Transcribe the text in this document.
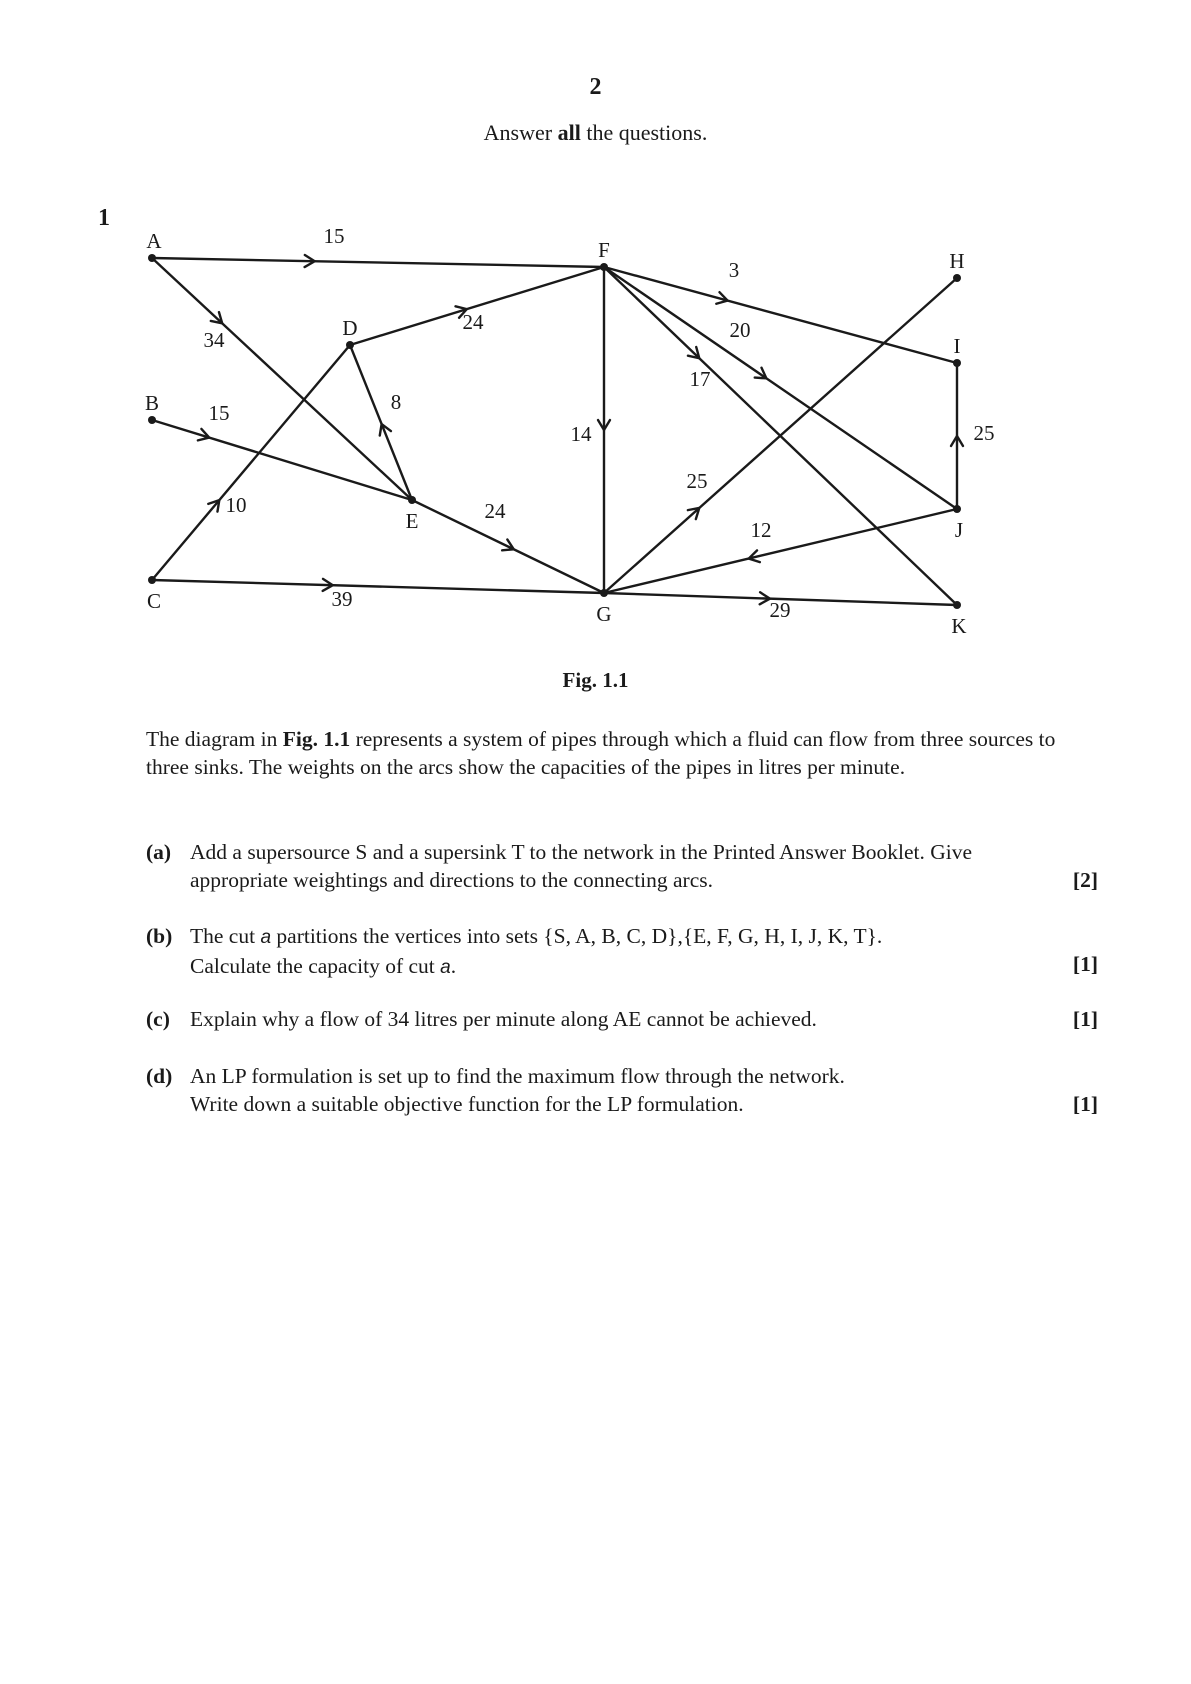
2
Answer all the questions.
1
15
34
15
10
39
24
8
24
14
3
20
17
25
29
12
25
A
B
C
D
E
F
G
H
I
J
K
Fig. 1.1
The diagram in Fig. 1.1 represents a system of pipes through which a fluid can flow from three sources to three sinks. The weights on the arcs show the capacities of the pipes in litres per minute.
(a) Add a supersource S and a supersink T to the network in the Printed Answer Booklet. Give appropriate weightings and directions to the connecting arcs.	[2]
(b) The cut a partitions the vertices into sets {S, A, B, C, D},{E, F, G, H, I, J, K, T}.
Calculate the capacity of cut a.	[1]
(c) Explain why a flow of 34 litres per minute along AE cannot be achieved.	[1]
(d) An LP formulation is set up to find the maximum flow through the network.
Write down a suitable objective function for the LP formulation.	[1]
